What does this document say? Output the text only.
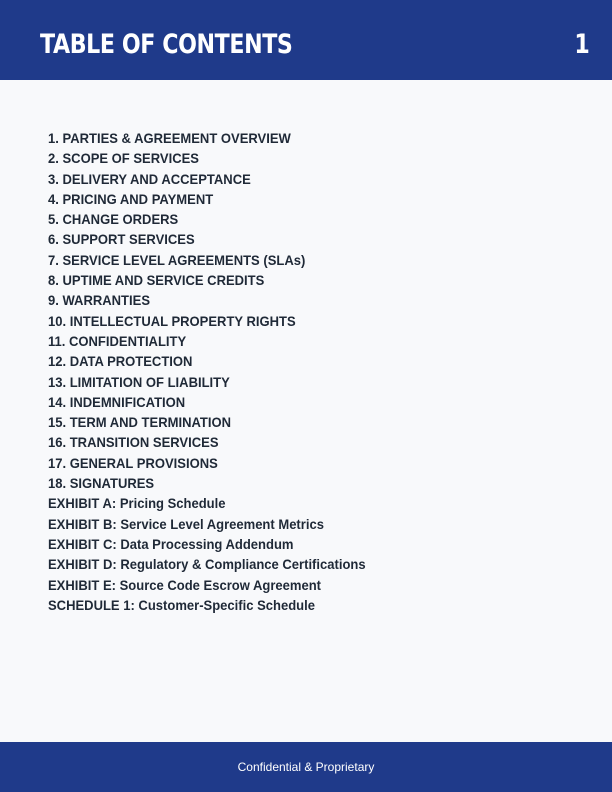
TABLE OF CONTENTS	1
1. PARTIES & AGREEMENT OVERVIEW
2. SCOPE OF SERVICES
3. DELIVERY AND ACCEPTANCE
4. PRICING AND PAYMENT
5. CHANGE ORDERS
6. SUPPORT SERVICES
7. SERVICE LEVEL AGREEMENTS (SLAs)
8. UPTIME AND SERVICE CREDITS
9. WARRANTIES
10. INTELLECTUAL PROPERTY RIGHTS
11. CONFIDENTIALITY
12. DATA PROTECTION
13. LIMITATION OF LIABILITY
14. INDEMNIFICATION
15. TERM AND TERMINATION
16. TRANSITION SERVICES
17. GENERAL PROVISIONS
18. SIGNATURES
EXHIBIT A: Pricing Schedule
EXHIBIT B: Service Level Agreement Metrics
EXHIBIT C: Data Processing Addendum
EXHIBIT D: Regulatory & Compliance Certifications
EXHIBIT E: Source Code Escrow Agreement
SCHEDULE 1: Customer-Specific Schedule
Confidential & Proprietary
